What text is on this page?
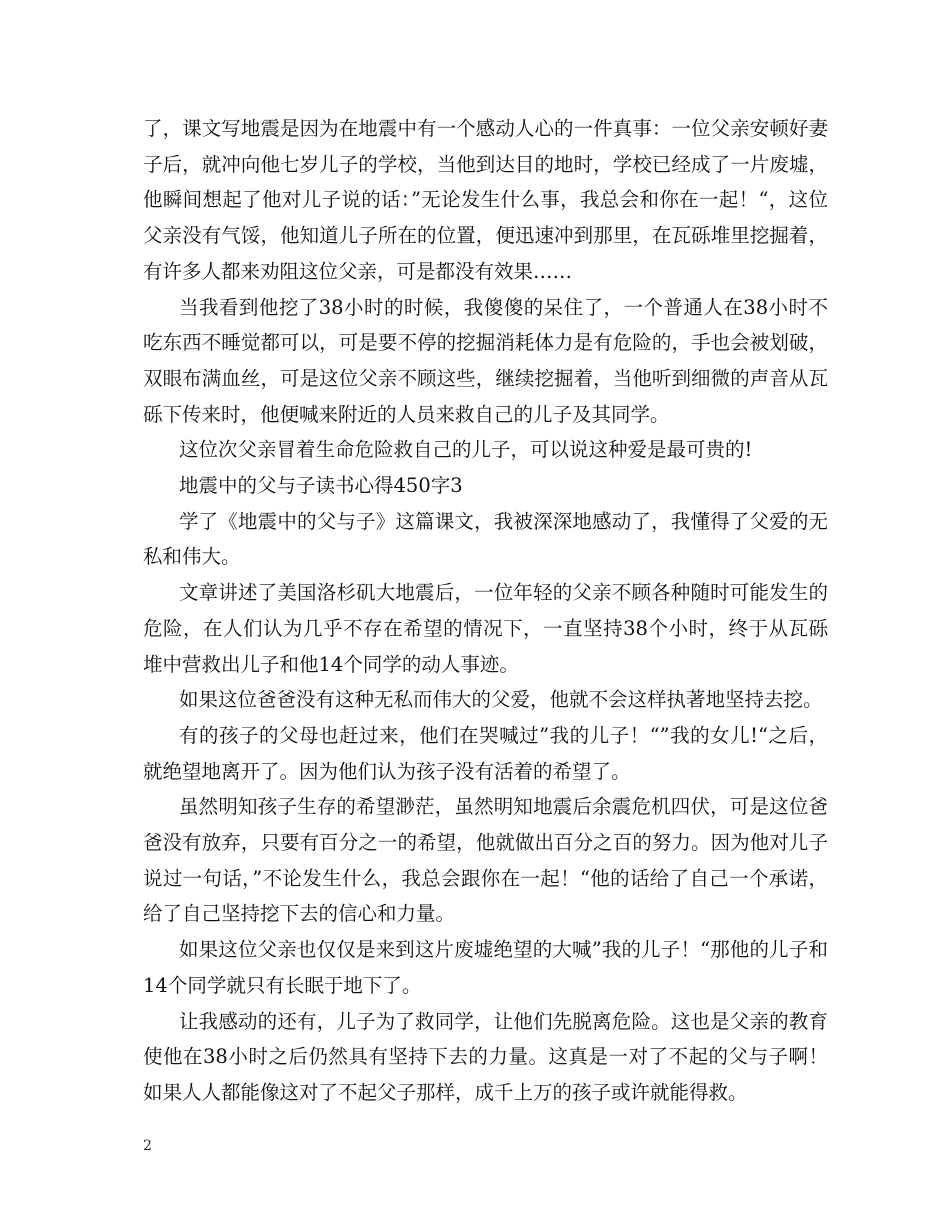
了，课文写地震是因为在地震中有一个感动人心的一件真事：一位父亲安顿好妻子后，就冲向他七岁儿子的学校，当他到达目的地时，学校已经成了一片废墟，他瞬间想起了他对儿子说的话：”无论发生什么事，我总会和你在一起！“，这位父亲没有气馁，他知道儿子所在的位置，便迅速冲到那里，在瓦砾堆里挖掘着，有许多人都来劝阻这位父亲，可是都没有效果……

当我看到他挖了38小时的时候，我傻傻的呆住了，一个普通人在38小时不吃东西不睡觉都可以，可是要不停的挖掘消耗体力是有危险的，手也会被划破，双眼布满血丝，可是这位父亲不顾这些，继续挖掘着，当他听到细微的声音从瓦砾下传来时，他便喊来附近的人员来救自己的儿子及其同学。

这位次父亲冒着生命危险救自己的儿子，可以说这种爱是最可贵的!

地震中的父与子读书心得450字3

学了《地震中的父与子》这篇课文，我被深深地感动了，我懂得了父爱的无私和伟大。

文章讲述了美国洛杉矶大地震后，一位年轻的父亲不顾各种随时可能发生的危险，在人们认为几乎不存在希望的情况下，一直坚持38个小时，终于从瓦砾堆中营救出儿子和他14个同学的动人事迹。

如果这位爸爸没有这种无私而伟大的父爱，他就不会这样执著地坚持去挖。

有的孩子的父母也赶过来，他们在哭喊过”我的儿子！“”我的女儿!“之后，就绝望地离开了。因为他们认为孩子没有活着的希望了。

虽然明知孩子生存的希望渺茫，虽然明知地震后余震危机四伏，可是这位爸爸没有放弃，只要有百分之一的希望，他就做出百分之百的努力。因为他对儿子说过一句话，”不论发生什么，我总会跟你在一起！“他的话给了自己一个承诺，给了自己坚持挖下去的信心和力量。

如果这位父亲也仅仅是来到这片废墟绝望的大喊”我的儿子！“那他的儿子和14个同学就只有长眠于地下了。

让我感动的还有，儿子为了救同学，让他们先脱离危险。这也是父亲的教育使他在38小时之后仍然具有坚持下去的力量。这真是一对了不起的父与子啊！如果人人都能像这对了不起父子那样，成千上万的孩子或许就能得救。

2
